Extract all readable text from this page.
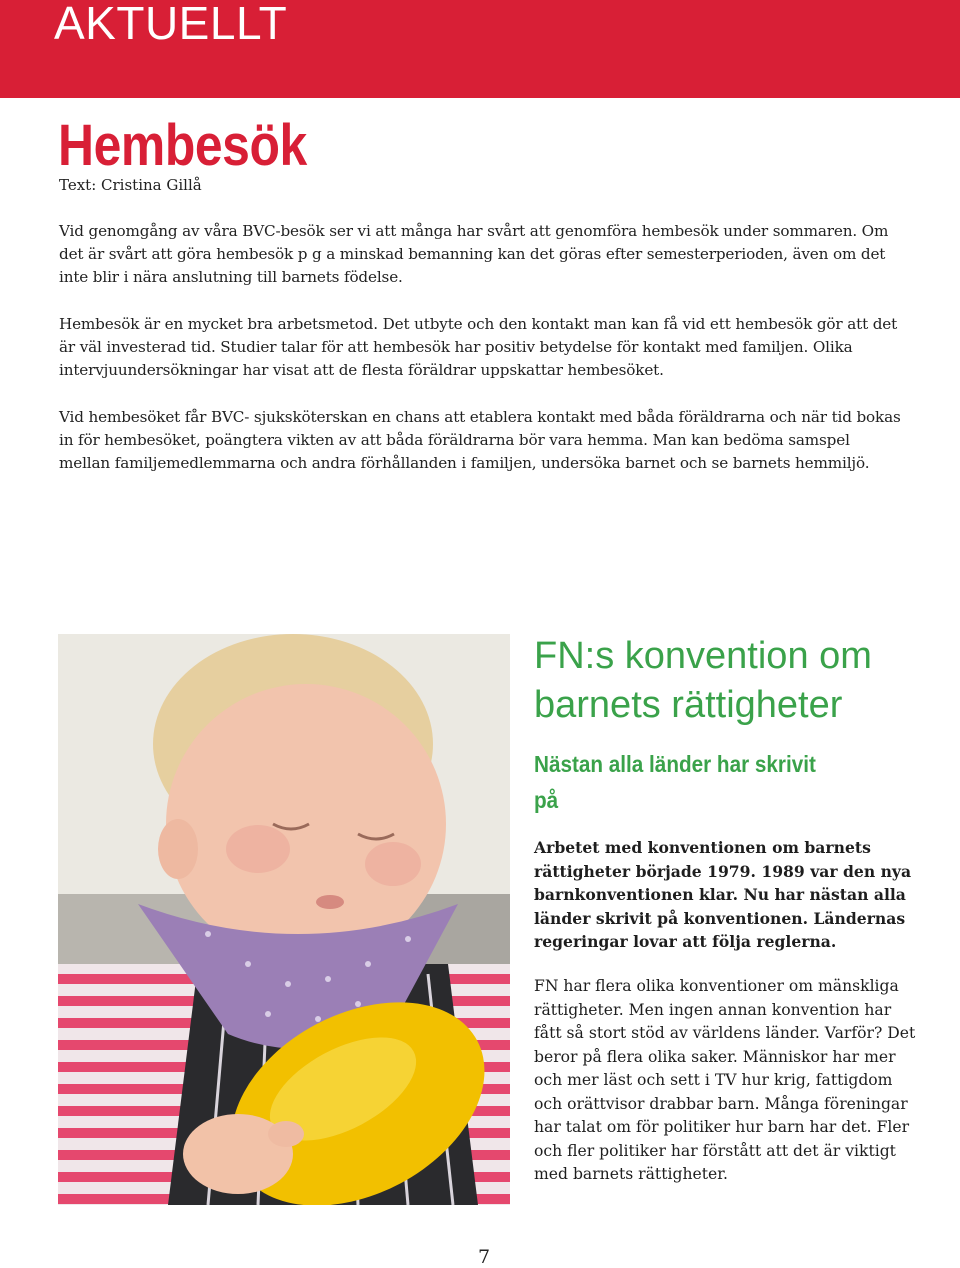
AKTUELLT
Hembesök
Text: Cristina Gillå

Vid genomgång av våra BVC-besök ser vi att många har svårt att genomföra hembesök under sommaren. Om det är svårt att göra hembesök p g a minskad bemanning kan det göras efter semesterperioden, även om det inte blir i nära anslutning till barnets födelse.

Hembesök är en mycket bra arbetsmetod. Det utbyte och den kontakt man kan få vid ett hembesök gör att det är väl investerad tid. Studier talar för att hembesök har positiv betydelse för kontakt med familjen. Olika intervjuundersökningar har visat att de flesta föräldrar uppskattar hembesöket.

Vid hembesöket får BVC- sjuksköterskan en chans att etablera kontakt med båda föräldrarna och när tid bokas in för hembesöket, poängtera vikten av att båda föräldrarna bör vara hemma. Man kan bedöma samspel mellan familjemedlemmarna och andra förhållanden i familjen, undersöka barnet och se barnets hemmiljö.

FN:s konvention om
barnets rättigheter
Nästan alla länder har skrivit på

Arbetet med konventionen om barnets rättigheter började 1979. 1989 var den nya barnkonventionen klar. Nu har nästan alla länder skrivit på konventionen. Ländernas regeringar lovar att följa reglerna.

FN har flera olika konventioner om mänskliga rättigheter. Men ingen annan konvention har fått så stort stöd av världens länder. Varför? Det beror på flera olika saker. Människor har mer och mer läst och sett i TV hur krig, fattigdom och orättvisor drabbar barn. Många föreningar har talat om för politiker hur barn har det. Fler och fler politiker har förstått att det är viktigt med barnets rättigheter.

7
